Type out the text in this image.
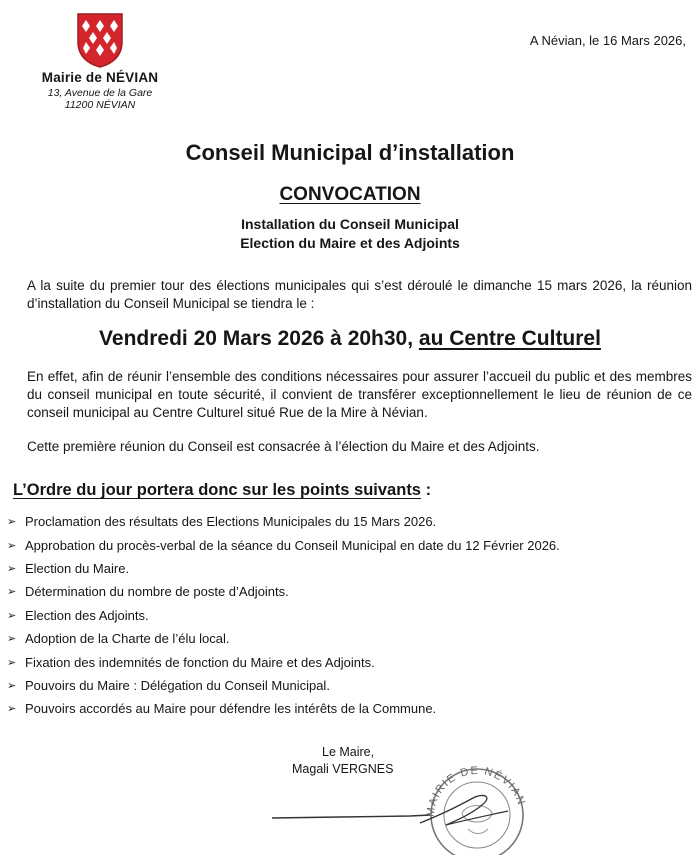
Mairie de NÉVIAN
13, Avenue de la Gare
11200 NÉVIAN
A Névian, le 16 Mars 2026,
Conseil Municipal d’installation
CONVOCATION
Installation du Conseil Municipal
Election du Maire et des Adjoints
A la suite du premier tour des élections municipales qui s’est déroulé le dimanche 15 mars 2026, la réunion d’installation du Conseil Municipal se tiendra le :
Vendredi 20 Mars 2026 à 20h30, au Centre Culturel
En effet, afin de réunir l’ensemble des conditions nécessaires pour assurer l’accueil du public et des membres du conseil municipal en toute sécurité, il convient de transférer exceptionnellement le lieu de réunion de ce conseil municipal au Centre Culturel situé Rue de la Mire à Névian.
Cette première réunion du Conseil est consacrée à l’élection du Maire et des Adjoints.
L’Ordre du jour portera donc sur les points suivants :
➢ Proclamation des résultats des Elections Municipales du 15 Mars 2026.
➢ Approbation du procès-verbal de la séance du Conseil Municipal en date du 12 Février 2026.
➢ Election du Maire.
➢ Détermination du nombre de poste d’Adjoints.
➢ Election des Adjoints.
➢ Adoption de la Charte de l’élu local.
➢ Fixation des indemnités de fonction du Maire et des Adjoints.
➢ Pouvoirs du Maire : Délégation du Conseil Municipal.
➢ Pouvoirs accordés au Maire pour défendre les intérêts de la Commune.
Le Maire,
Magali VERGNES
MAIRIE DE NÉVIAN
